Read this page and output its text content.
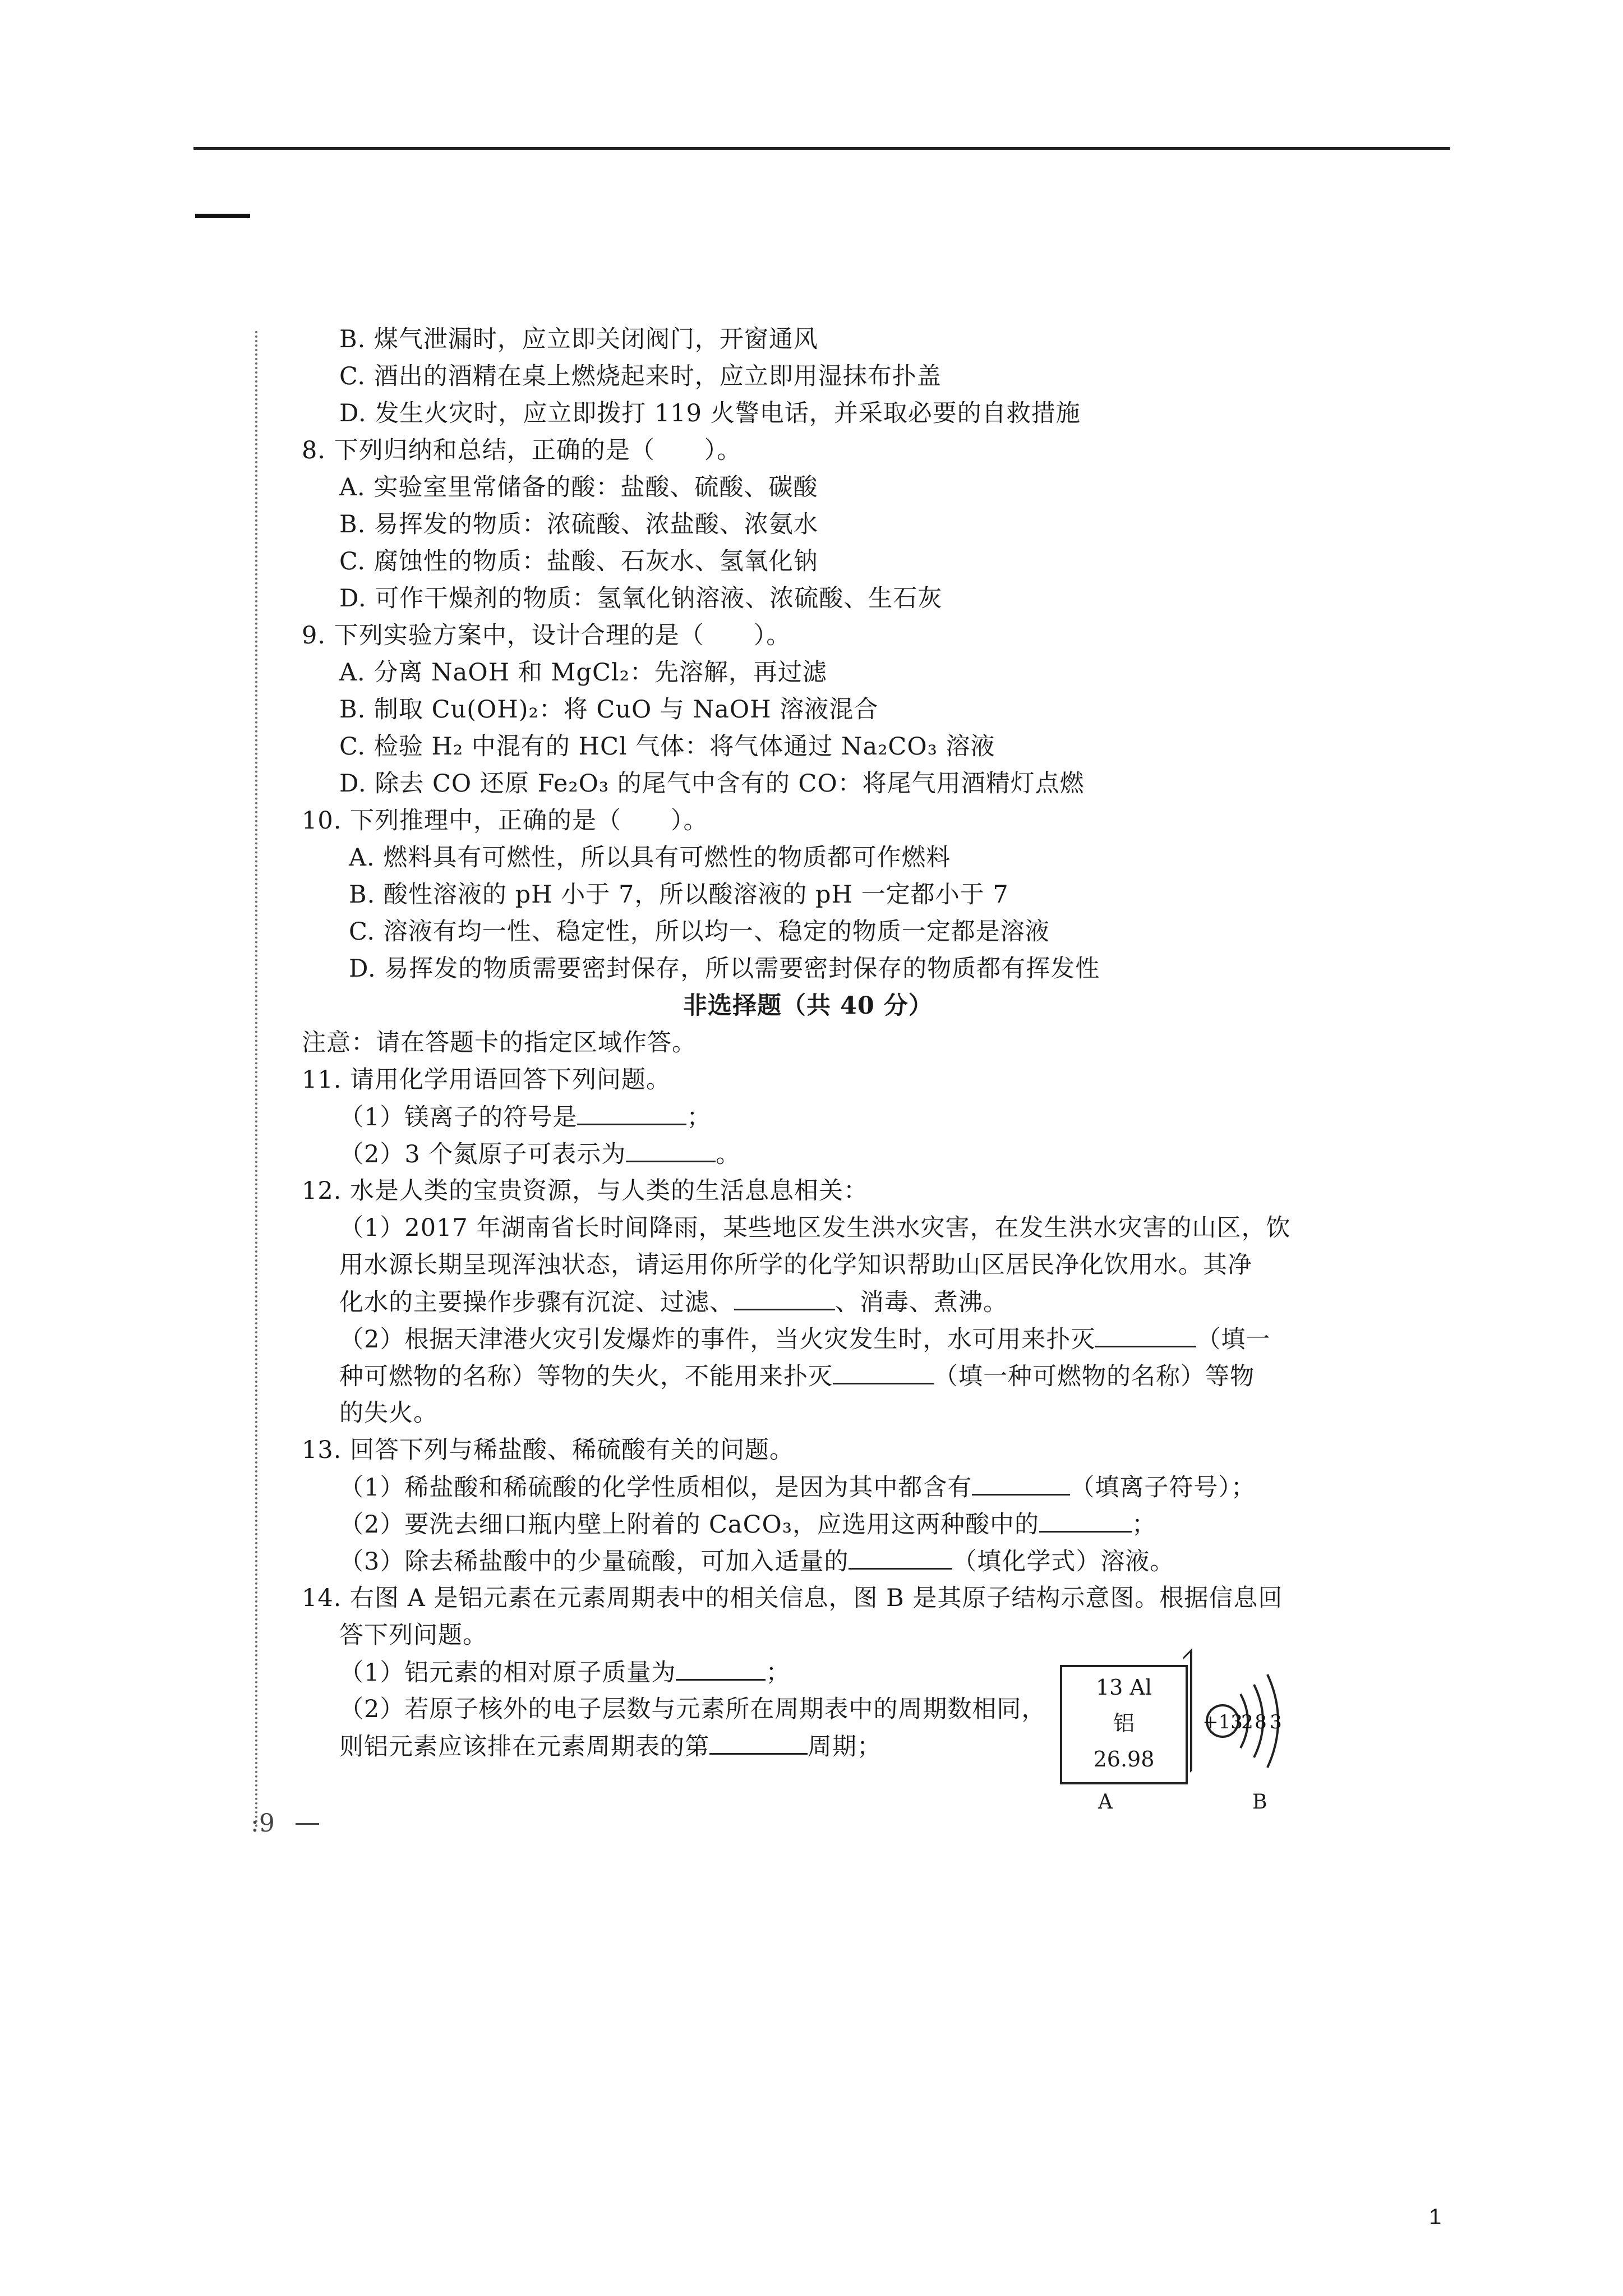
B. 煤气泄漏时，应立即关闭阀门，开窗通风
C. 酒出的酒精在桌上燃烧起来时，应立即用湿抹布扑盖
D. 发生火灾时，应立即拨打 119 火警电话，并采取必要的自救措施
8. 下列归纳和总结，正确的是（　　）。
A. 实验室里常储备的酸：盐酸、硫酸、碳酸
B. 易挥发的物质：浓硫酸、浓盐酸、浓氨水
C. 腐蚀性的物质：盐酸、石灰水、氢氧化钠
D. 可作干燥剂的物质：氢氧化钠溶液、浓硫酸、生石灰
9. 下列实验方案中，设计合理的是（　　）。
A. 分离 NaOH 和 MgCl₂：先溶解，再过滤
B. 制取 Cu(OH)₂：将 CuO 与 NaOH 溶液混合
C. 检验 H₂ 中混有的 HCl 气体：将气体通过 Na₂CO₃ 溶液
D. 除去 CO 还原 Fe₂O₃ 的尾气中含有的 CO：将尾气用酒精灯点燃
10. 下列推理中，正确的是（　　）。
A. 燃料具有可燃性，所以具有可燃性的物质都可作燃料
B. 酸性溶液的 pH 小于 7，所以酸溶液的 pH 一定都小于 7
C. 溶液有均一性、稳定性，所以均一、稳定的物质一定都是溶液
D. 易挥发的物质需要密封保存，所以需要密封保存的物质都有挥发性
非选择题（共 40 分）
注意：请在答题卡的指定区域作答。
11. 请用化学用语回答下列问题。
（1）镁离子的符号是	；
（2）3 个氮原子可表示为	。
12. 水是人类的宝贵资源，与人类的生活息息相关：
（1）2017 年湖南省长时间降雨，某些地区发生洪水灾害，在发生洪水灾害的山区，饮
用水源长期呈现浑浊状态，请运用你所学的化学知识帮助山区居民净化饮用水。其净
化水的主要操作步骤有沉淀、过滤、	、消毒、煮沸。
（2）根据天津港火灾引发爆炸的事件，当火灾发生时，水可用来扑灭	（填一
种可燃物的名称）等物的失火，不能用来扑灭	（填一种可燃物的名称）等物
的失火。
13. 回答下列与稀盐酸、稀硫酸有关的问题。
（1）稀盐酸和稀硫酸的化学性质相似，是因为其中都含有	（填离子符号）；
（2）要洗去细口瓶内壁上附着的 CaCO₃，应选用这两种酸中的	；
（3）除去稀盐酸中的少量硫酸，可加入适量的	（填化学式）溶液。
14. 右图 A 是铝元素在元素周期表中的相关信息，图 B 是其原子结构示意图。根据信息回
答下列问题。
（1）铝元素的相对原子质量为	；
（2）若原子核外的电子层数与元素所在周期表中的周期数相同，
则铝元素应该排在元素周期表的第	周期；
13 Al
铝
26.98
A
+13
2 8 3
B
:9
1
